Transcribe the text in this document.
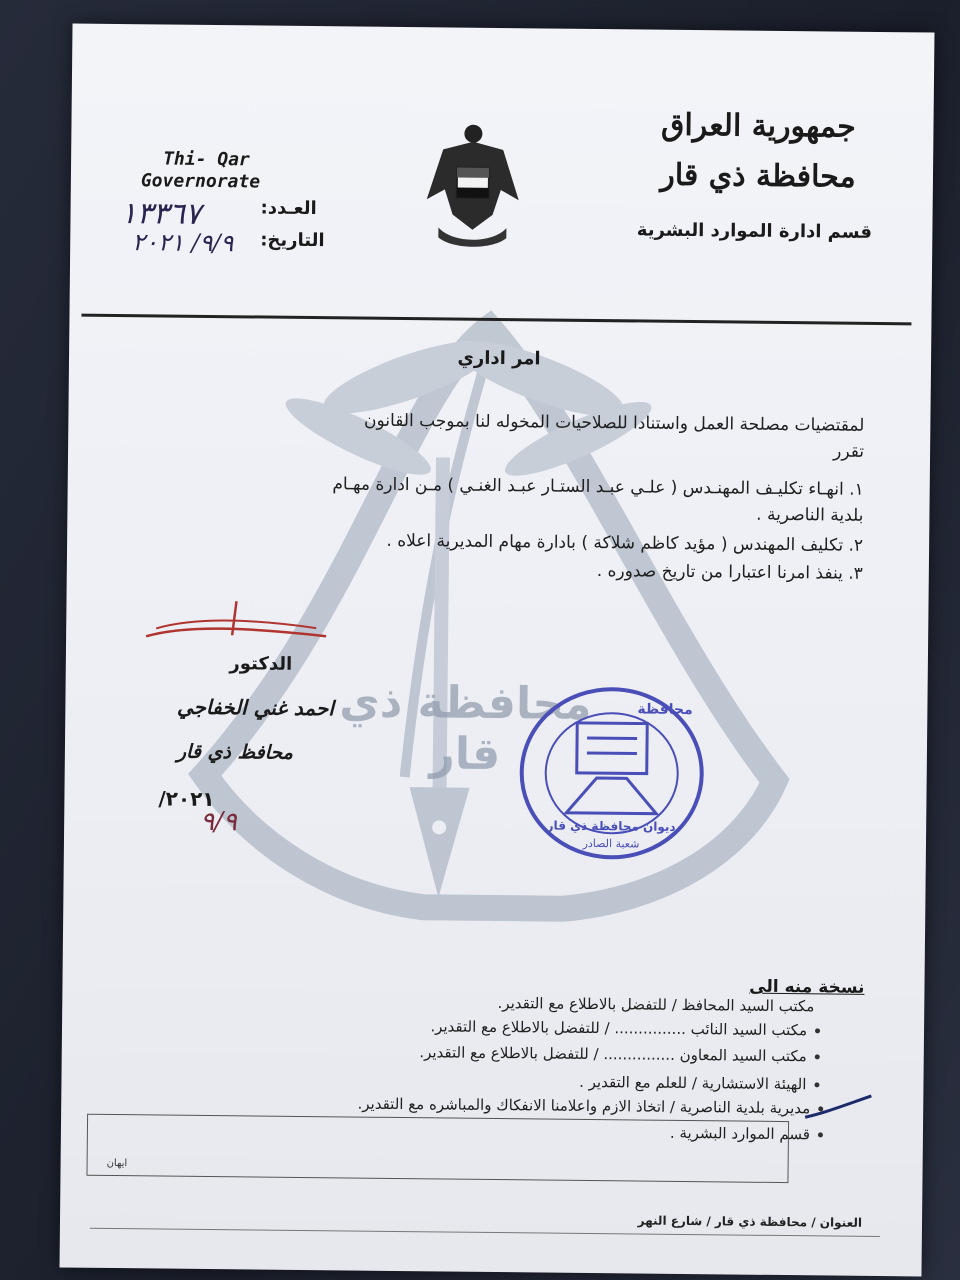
محافظة ذي قار
جمهورية العراق
محافظة ذي قار
قسم ادارة الموارد البشرية
Thi- Qar
Governorate
العـدد:
١٣٣٦٧
التاريخ:
٩/٩/ ٢٠٢١
امر اداري
لمقتضيات مصلحة العمل واستنادا للصلاحيات المخوله لنا بموجب القانون
تقرر
١. انهـاء تكليـف المهنـدس ( علـي عبـد الستـار عبـد الغنـي ) مـن ادارة مهـام
بلدية الناصرية .
٢. تكليف المهندس ( مؤيد كاظم شلاكة ) بادارة مهام المديرية اعلاه .
٣. ينفذ امرنا اعتبارا من تاريخ صدوره .
الدكتور
احمد غني الخفاجي
محافظ ذي قار
٢٠٢١/
٩/٩
محافظة
ديوان محافظة ذي قار
شعبة الصادر
نسخة منه الى
مكتب السيد المحافظ / للتفضل بالاطلاع مع التقدير.
مكتب السيد النائب ............... / للتفضل بالاطلاع مع التقدير.
مكتب السيد المعاون ............... / للتفضل بالاطلاع مع التقدير.
الهيئة الاستشارية / للعلم مع التقدير .
مديرية بلدية الناصرية / اتخاذ الازم واعلامنا الانفكاك والمباشره مع التقدير.
قسم الموارد البشرية .
ايهان
العنوان / محافظة ذي قار / شارع النهر
